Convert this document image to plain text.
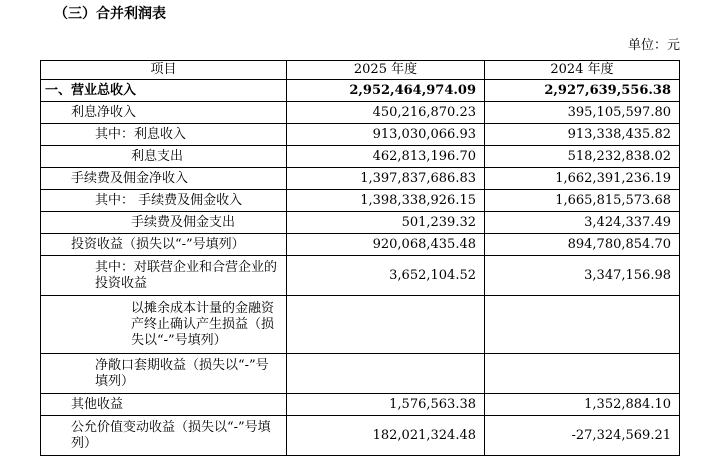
（三）合并利润表
单位：元
项目	2025 年度	2024 年度
一、营业总收入	2,952,464,974.09	2,927,639,556.38
利息净收入	450,216,870.23	395,105,597.80
其中：利息收入	913,030,066.93	913,338,435.82
利息支出	462,813,196.70	518,232,838.02
手续费及佣金净收入	1,397,837,686.83	1,662,391,236.19
其中： 手续费及佣金收入	1,398,338,926.15	1,665,815,573.68
手续费及佣金支出	501,239.32	3,424,337.49
投资收益（损失以“-”号填列）	920,068,435.48	894,780,854.70
其中：对联营企业和合营企业的投资收益	3,652,104.52	3,347,156.98
以摊余成本计量的金融资产终止确认产生损益（损失以“-”号填列）		
净敞口套期收益（损失以“-”号填列）		
其他收益	1,576,563.38	1,352,884.10
公允价值变动收益（损失以“-”号填列）	182,021,324.48	-27,324,569.21
